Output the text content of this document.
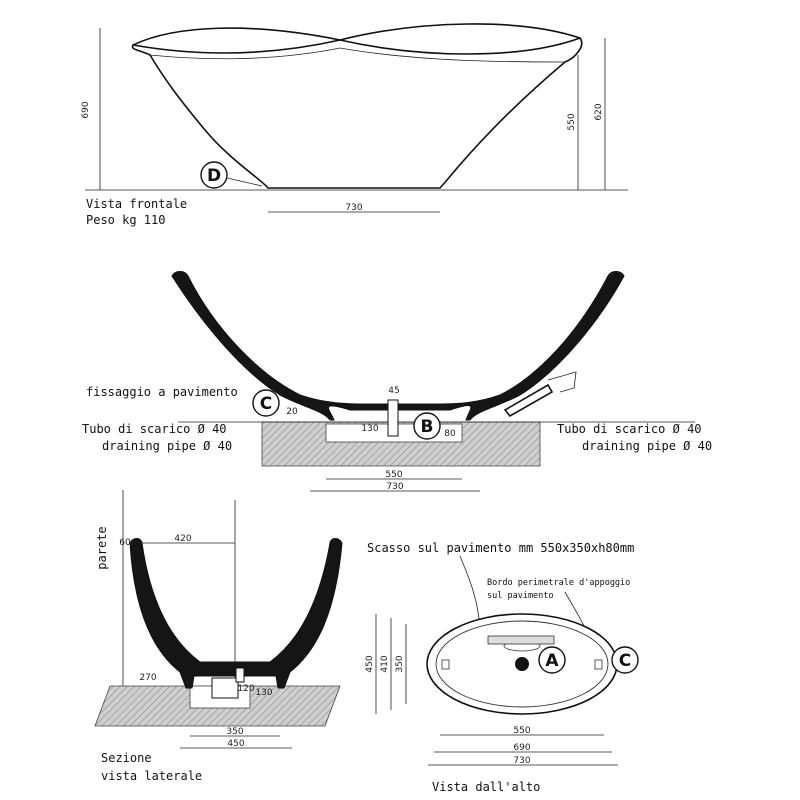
690
550
620
730
D
Vista frontale
Peso kg 110
45
20
130	80
550
730
C
B
fissaggio a pavimento
Tubo di scarico Ø 40
draining pipe Ø 40
Tubo di scarico Ø 40
draining pipe Ø 40
parete 60	420
270
120 130
350
450
Sezione
vista laterale
Scasso sul pavimento mm 550x350xh80mm
Bordo perimetrale d'appoggio
sul pavimento
A	C
450 410 350
550
690
730
Vista dall'alto
